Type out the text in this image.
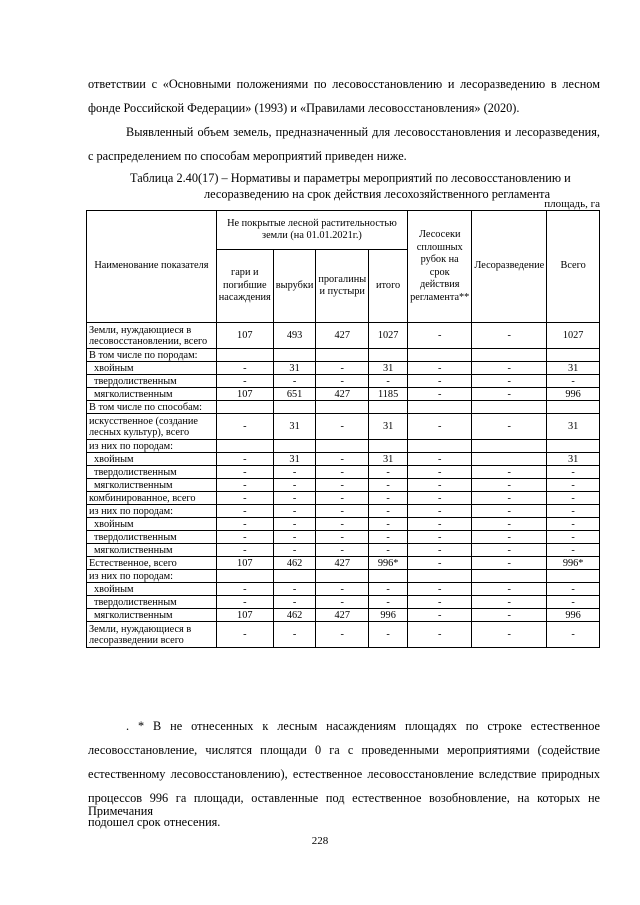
ответствии с «Основными положениями по лесовосстановлению и лесоразведению в лесном фонде Российской Федерации» (1993) и «Правилами лесовосстановления» (2020).

Выявленный объем земель, предназначенный для лесовосстановления и лесоразведения, с распределением по способам мероприятий приведен ниже.

Таблица 2.40(17) – Нормативы и параметры мероприятий по лесовосстановлению и
лесоразведению на срок действия лесохозяйственного регламента
площадь, га
Наименование показателя	Не покрытые лесной растительностью земли (на 01.01.2021г.)				Лесосеки сплошных рубок на срок действия регламента**	Лесоразведение	Всего
	гари и погибшие насаждения	вырубки	прогалины и пустыри	итого			
Земли, нуждающиеся в лесовосстановлении, всего	107	493	427	1027	-	-	1027
В том числе по породам:							
хвойным	-	31	-	31	-	-	31
твердолиственным	-	-	-	-	-	-	-
мягколиственным	107	651	427	1185	-	-	996
В том числе по способам:							
искусственное (создание лесных культур), всего	-	31	-	31	-	-	31
из них по породам:							
хвойным	-	31	-	31	-		31
твердолиственным	-	-	-	-	-	-	-
мягколиственным	-	-	-	-	-	-	-
комбинированное, всего	-	-	-	-	-	-	-
из них по породам:	-	-	-	-	-	-	-
хвойным	-	-	-	-	-	-	-
твердолиственным	-	-	-	-	-	-	-
мягколиственным	-	-	-	-	-	-	-
Естественное, всего	107	462	427	996*	-	-	996*
из них по породам:							
хвойным	-	-	-	-	-	-	-
твердолиственным	-	-	-	-	-	-	-
мягколиственным	107	462	427	996	-	-	996
Земли, нуждающиеся в лесоразведении всего	-	-	-	-	-	-	-

. * В не отнесенных к лесным насаждениям площадях по строке естественное лесовосстановление, числятся площади 0 га с проведенными мероприятиями (содействие естественному лесовосстановлению), естественное лесовосстановление вследствие природных процессов 996 га площади, оставленные под естественное возобновление, на которых не подошел срок отнесения.

Примечания
228
